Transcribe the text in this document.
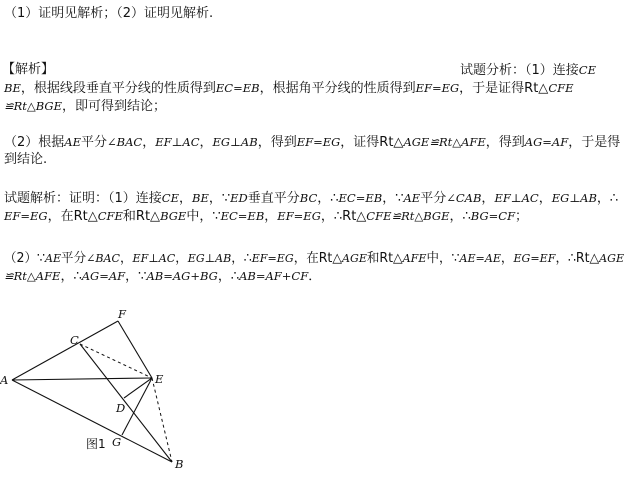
（1）证明见解析；（2）证明见解析.
【解析】	试题分析：（1）连接CE
BE，根据线段垂直平分线的性质得到EC=EB，根据角平分线的性质得到EF=EG，于是证得Rt△CFE
≌Rt△BGE，即可得到结论；
（2）根据AE平分∠BAC，EF⊥AC，EG⊥AB，得到EF=EG，证得Rt△AGE≌Rt△AFE，得到AG=AF，于是得
到结论.
试题解析：证明：（1）连接CE，BE，∵ED垂直平分BC，∴EC=EB，∵AE平分∠CAB，EF⊥AC，EG⊥AB，∴
EF=EG，在Rt△CFE和Rt△BGE中，∵EC=EB，EF=EG，∴Rt△CFE≌Rt△BGE，∴BG=CF；
（2）∵AE平分∠BAC，EF⊥AC，EG⊥AB，∴EF=EG，在Rt△AGE和Rt△AFE中，∵AE=AE，EG=EF，∴Rt△AGE
≌Rt△AFE，∴AG=AF，∵AB=AG+BG，∴AB=AF+CF．
A
F
C
E
D
G
B
图1
